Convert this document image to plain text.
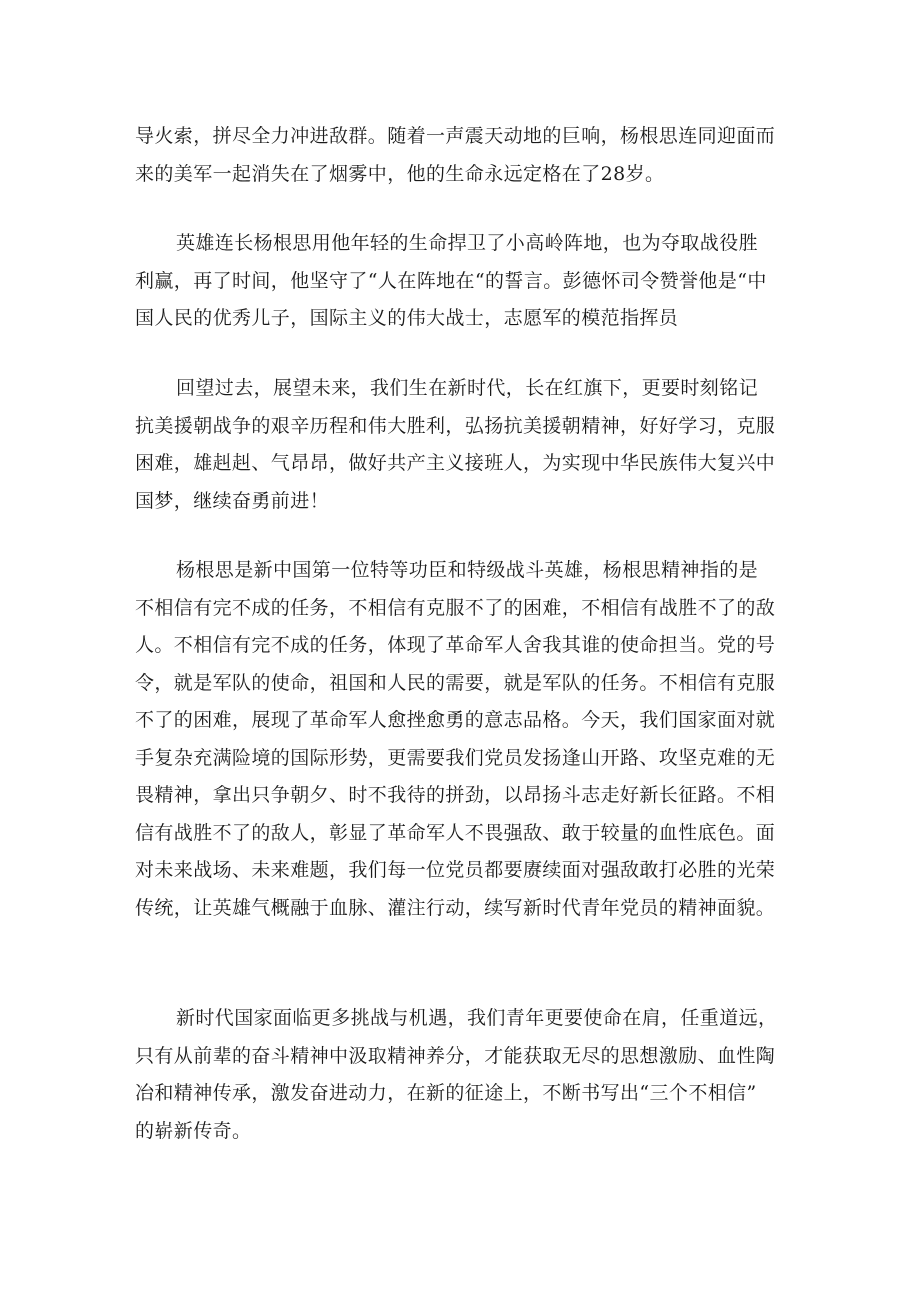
导火索，拼尽全力冲进敌群。随着一声震天动地的巨响，杨根思连同迎面而
来的美军一起消失在了烟雾中，他的生命永远定格在了28岁。
英雄连长杨根思用他年轻的生命捍卫了小高岭阵地，也为夺取战役胜
利赢，再了时间，他坚守了“人在阵地在“的誓言。彭德怀司令赞誉他是“中
国人民的优秀儿子，国际主义的伟大战士，志愿军的模范指挥员
回望过去，展望未来，我们生在新时代，长在红旗下，更要时刻铭记
抗美援朝战争的艰辛历程和伟大胜利，弘扬抗美援朝精神，好好学习，克服
困难，雄赳赳、气昂昂，做好共产主义接班人，为实现中华民族伟大复兴中
国梦，继续奋勇前进！
杨根思是新中国第一位特等功臣和特级战斗英雄，杨根思精神指的是
不相信有完不成的任务，不相信有克服不了的困难，不相信有战胜不了的敌
人。不相信有完不成的任务，体现了革命军人舍我其谁的使命担当。党的号
令，就是军队的使命，祖国和人民的需要，就是军队的任务。不相信有克服
不了的困难，展现了革命军人愈挫愈勇的意志品格。今天，我们国家面对就
手复杂充满险境的国际形势，更需要我们党员发扬逢山开路、攻坚克难的无
畏精神，拿出只争朝夕、时不我待的拼劲，以昂扬斗志走好新长征路。不相
信有战胜不了的敌人，彰显了革命军人不畏强敌、敢于较量的血性底色。面
对未来战场、未来难题，我们每一位党员都要赓续面对强敌敢打必胜的光荣
传统，让英雄气概融于血脉、灌注行动，续写新时代青年党员的精神面貌。
新时代国家面临更多挑战与机遇，我们青年更要使命在肩，任重道远，
只有从前辈的奋斗精神中汲取精神养分，才能获取无尽的思想激励、血性陶
冶和精神传承，激发奋进动力，在新的征途上，不断书写出“三个不相信”
的崭新传奇。
